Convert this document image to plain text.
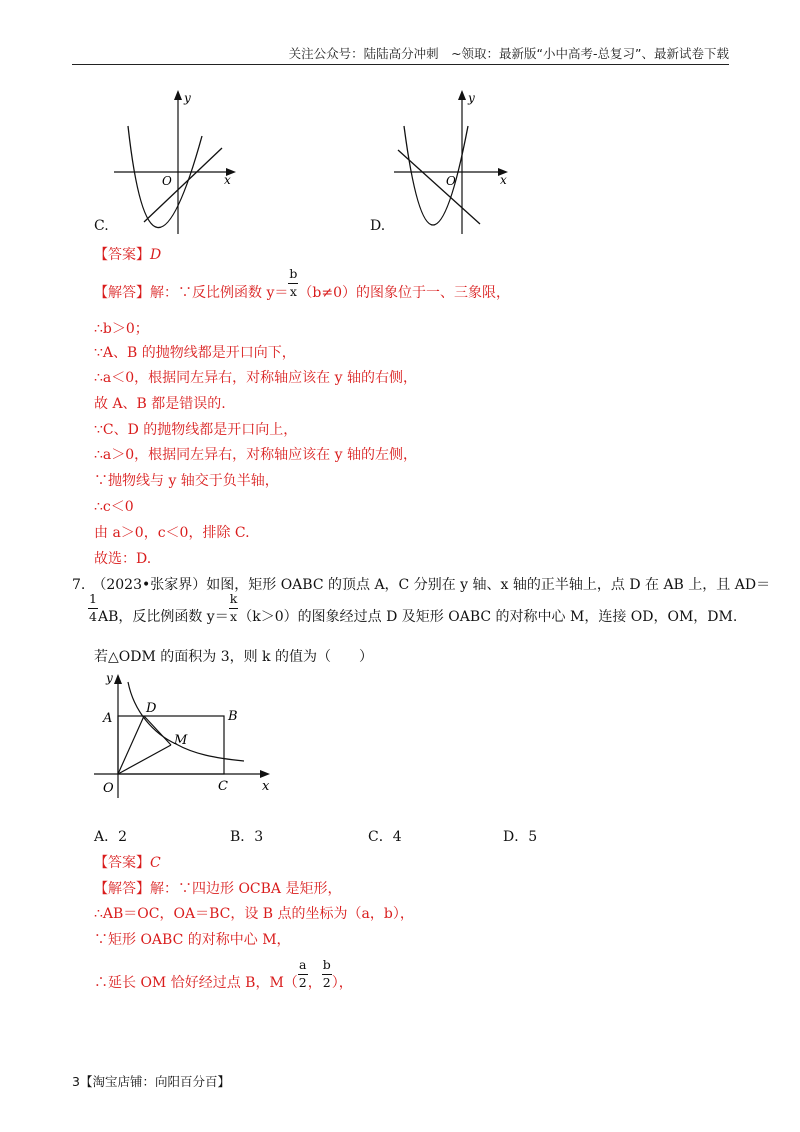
关注公众号：陆陆高分冲刺　~领取：最新版“小中高考-总复习”、最新试卷下载
y
x
O
C.
y
x
O
D.
【答案】D
【解答】解：∵反比例函数 $y= \frac{b}{x} (b\ne 0)$的图象位于一、三象限，
∴b＞0；
∵A、B 的抛物线都是开口向下，
∴a＜0，根据同左异右，对称轴应该在 y 轴的右侧，
故 A、B 都是错误的.
∵C、D 的抛物线都是开口向上，
∴a＞0，根据同左异右，对称轴应该在 y 轴的左侧，
∵抛物线与 y 轴交于负半轴，
∴c＜0
由 a＞0，c＜0，排除 C.
故选：D.
7.　（2023•张家界）如图，矩形 OABC 的顶点 A，C 分别在 y 轴、x 轴的正半轴上，点 D 在 AB 上，且 AD＝
$\frac{1}{4}$ AB，反比例函数 $y= \frac{k}{x} (k>0)$的图象经过点 D 及矩形 OABC 的对称中心 M，连接 OD，OM，DM.
若△ODM 的面积为 3，则 k 的值为（　　）
y
x
A	B
C
D
M
O
A．2	B．3	C．4	D．5
【答案】C
【解答】解：∵四边形 OCBA 是矩形，
∴AB＝OC，OA＝BC，设 B 点的坐标为（a，b），
∵矩形 OABC 的对称中心 M，
∴延长 OM 恰好经过点 B，$M( \frac{a}{2}$ ， $\frac{b}{2}$ ），
3【淘宝店铺：向阳百分百】
